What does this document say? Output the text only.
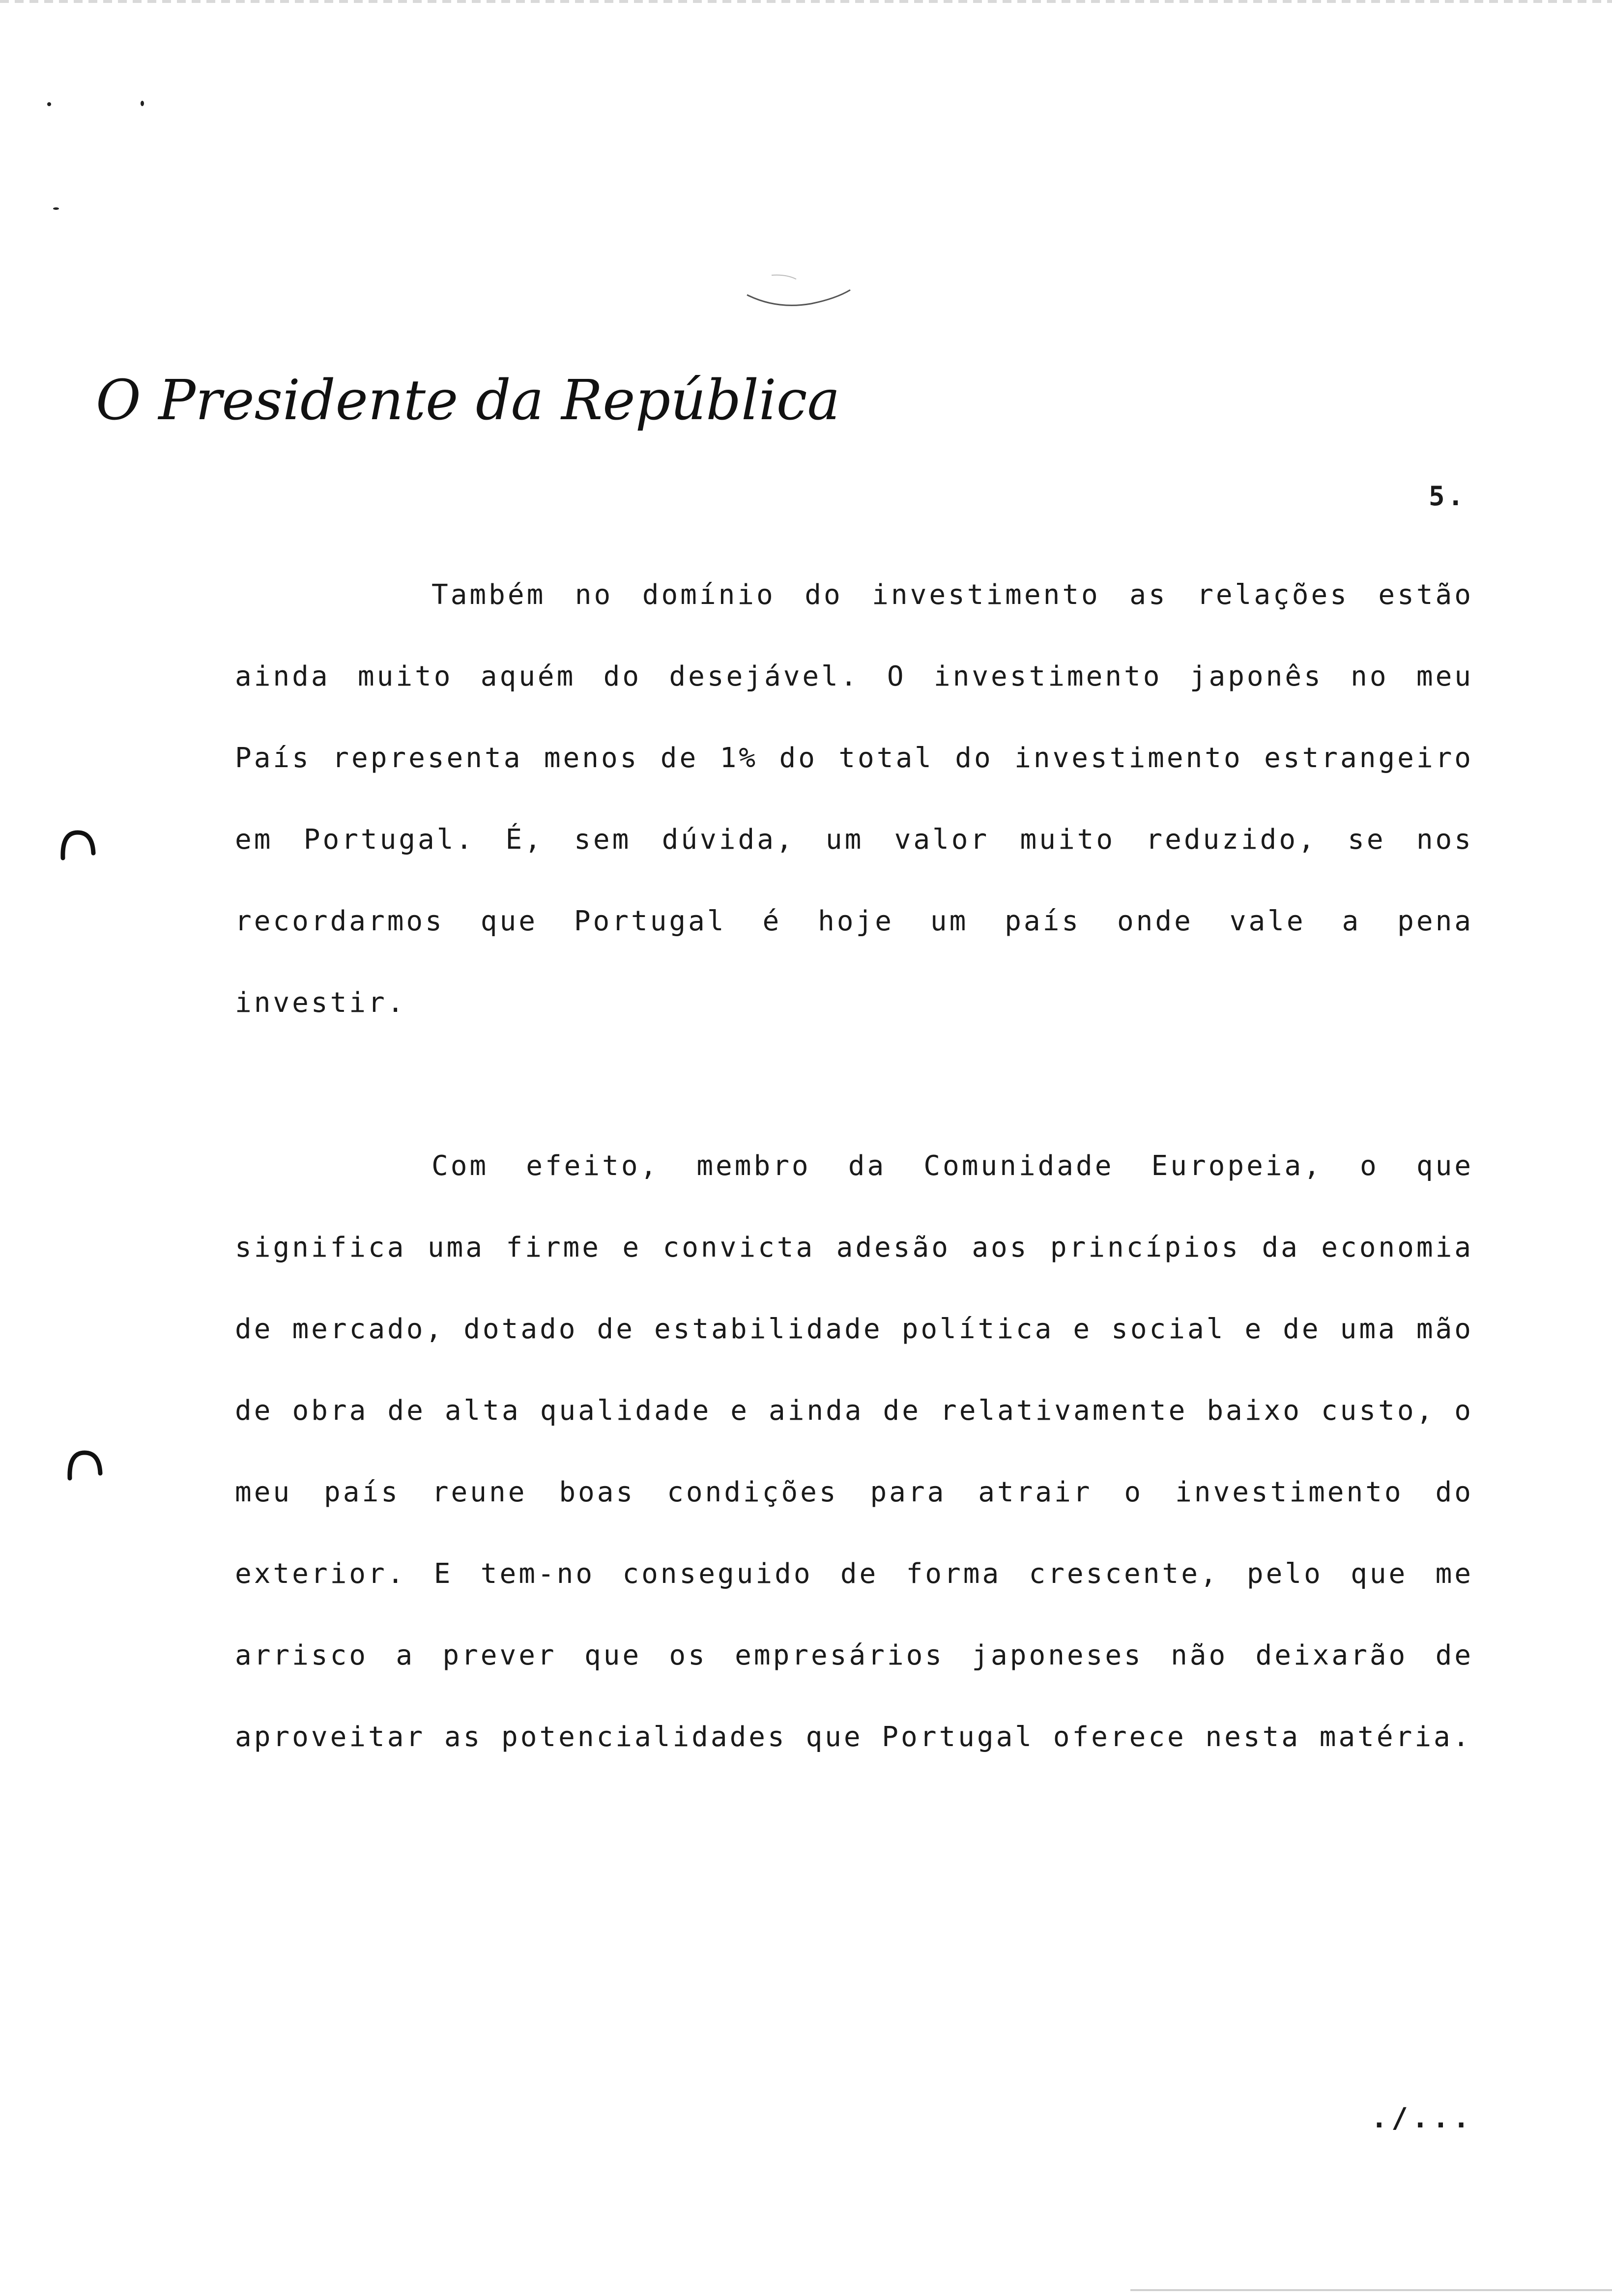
O Presidente da República
5.

Também no domínio do investimento as relações estão ainda muito aquém do desejável. O investimento japonês no meu País representa menos de 1% do total do investimento estrangeiro em Portugal. É, sem dúvida, um valor muito reduzido, se nos recordarmos que Portugal é hoje um país onde vale a pena investir.

Com efeito, membro da Comunidade Europeia, o que significa uma firme e convicta adesão aos princípios da economia de mercado, dotado de estabilidade política e social e de uma mão de obra de alta qualidade e ainda de relativamente baixo custo, o meu país reune boas condições para atrair o investimento do exterior. E tem-no conseguido de forma crescente, pelo que me arrisco a prever que os empresários japoneses não deixarão de aproveitar as potencialidades que Portugal oferece nesta matéria.

./...
